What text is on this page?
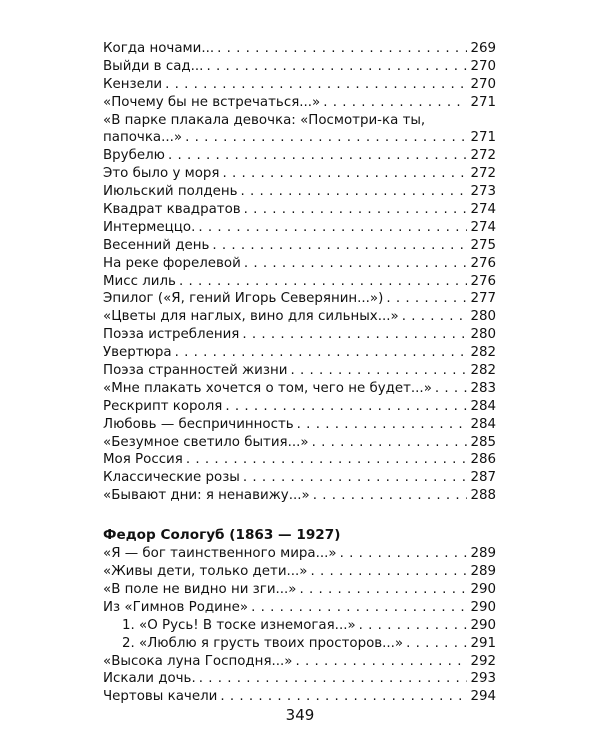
Когда ночами... . . .	269
Выйди в сад... . . .	270
Кензели . . .	270
«Почему бы не встречаться...» . . .	271
«В парке плакала девочка: «Посмотри-ка ты,
папочка...» . . .	271
Врубелю . . .	272
Это было у моря . . .	272
Июльский полдень . . .	273
Квадрат квадратов . . .	274
Интермеццо. . . .	274
Весенний день . . .	275
На реке форелевой . . .	276
Мисс лиль . . .	276
Эпилог («Я, гений Игорь Северянин...») . . .	277
«Цветы для наглых, вино для сильных...» . . .	280
Поэза истребления . . .	280
Увертюра . . .	282
Поэза странностей жизни . . .	282
«Мне плакать хочется о том, чего не будет...» . . .	283
Рескрипт короля . . .	284
Любовь — беспричинность . . .	284
«Безумное светило бытия...» . . .	285
Моя Россия . . .	286
Классические розы . . .	287
«Бывают дни: я ненавижу...» . . .	288
Федор Сологуб (1863 — 1927)
«Я — бог таинственного мира...» . . .	289
«Живы дети, только дети...» . . .	289
«В поле не видно ни зги...» . . .	290
Из «Гимнов Родине» . . .	290
1. «О Русь! В тоске изнемогая...» . . .	290
2. «Люблю я грусть твоих просторов...» . . .	291
«Высока луна Господня...» . . .	292
Искали дочь. . . .	293
Чертовы качели . . .	294
349
